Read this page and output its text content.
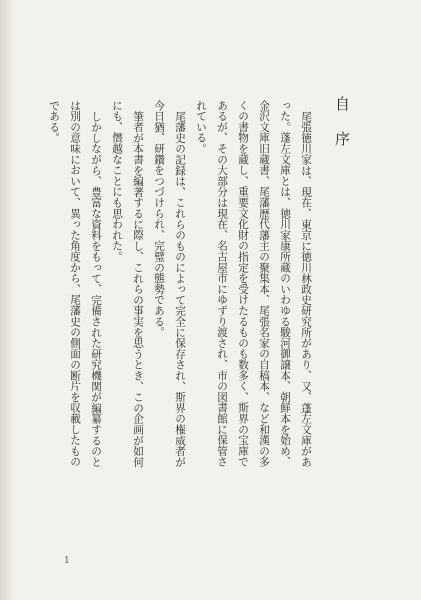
自序

尾張徳川家は、現在、東京に徳川林政史研究所があり、又、蓬左文庫があった。蓬左文庫とは、徳川家康所蔵のいわゆる駿河御譲本、朝鮮本を始め、金沢文庫旧蔵書、尾藩歴代藩主の聚集本、尾張名家の自稿本、など和漢の多くの書物を蔵し、重要文化財の指定を受けたるものも数多く、斯界の宝庫であるが、その大部分は現在、名古屋市にゆずり渡され、市の図書館に保管されている。

尾藩史の記録は、これらのものによって完全に保存され、斯界の権威者が今日猶、研鑽をつづけられ、完璧の態勢である。

筆者が本書を編著するに際し、これらの事実を思うとき、この企画が如何にも、僭越なことにも思われた。

しかしながら、豊富な資料をもって、完備された研究機関が編纂するのとは別の意味において、異った角度から、尾藩史の側面の断片を収載したものである。

1
